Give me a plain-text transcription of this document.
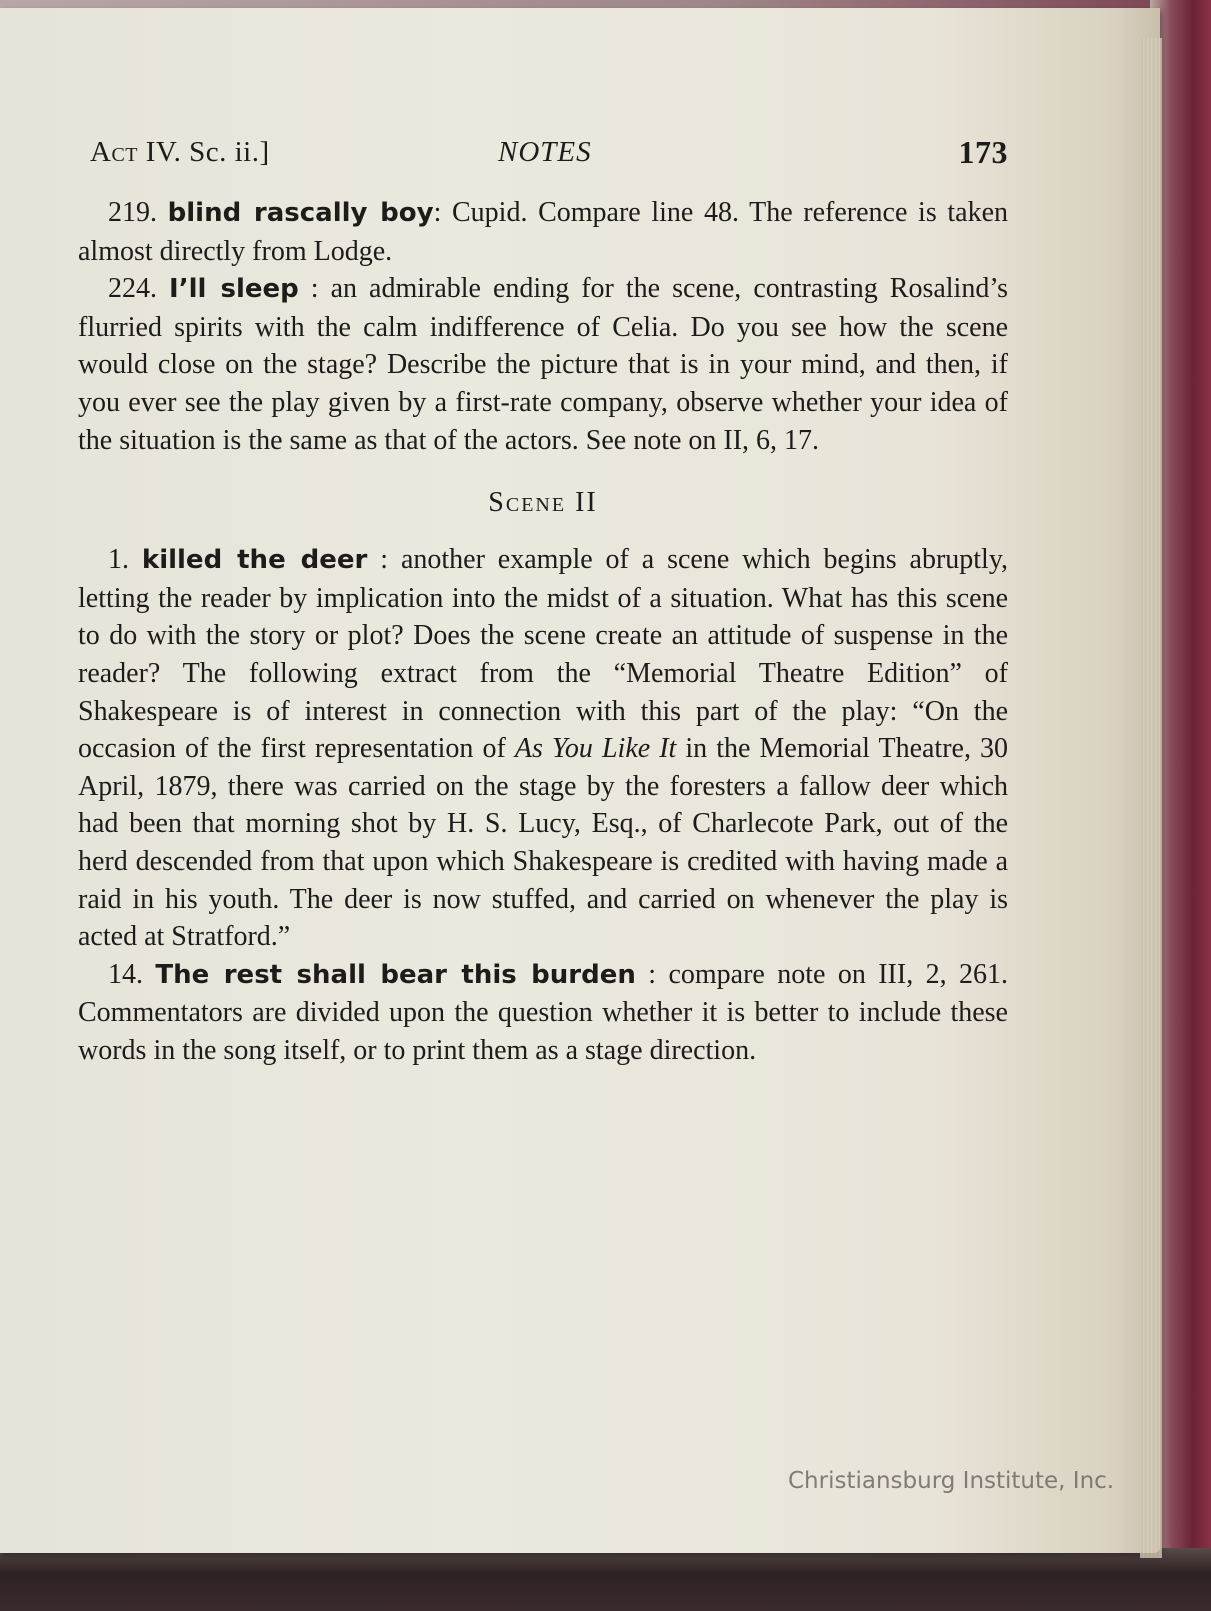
Act IV. Sc. ii.]	NOTES	173

219. blind rascally boy: Cupid. Compare line 48. The reference is taken almost directly from Lodge.

224. I’ll sleep : an admirable ending for the scene, contrasting Rosalind’s flurried spirits with the calm indifference of Celia. Do you see how the scene would close on the stage? Describe the picture that is in your mind, and then, if you ever see the play given by a first-rate company, observe whether your idea of the situation is the same as that of the actors. See note on II, 6, 17.

Scene II

1. killed the deer : another example of a scene which begins abruptly, letting the reader by implication into the midst of a situation. What has this scene to do with the story or plot? Does the scene create an attitude of suspense in the reader? The following extract from the “Memorial Theatre Edition” of Shakespeare is of interest in connection with this part of the play: “On the occasion of the first representation of As You Like It in the Memorial Theatre, 30 April, 1879, there was carried on the stage by the foresters a fallow deer which had been that morning shot by H. S. Lucy, Esq., of Charlecote Park, out of the herd descended from that upon which Shakespeare is credited with having made a raid in his youth. The deer is now stuffed, and carried on whenever the play is acted at Stratford.”

14. The rest shall bear this burden : compare note on III, 2, 261. Commentators are divided upon the question whether it is better to include these words in the song itself, or to print them as a stage direction.

Christiansburg Institute, Inc.
